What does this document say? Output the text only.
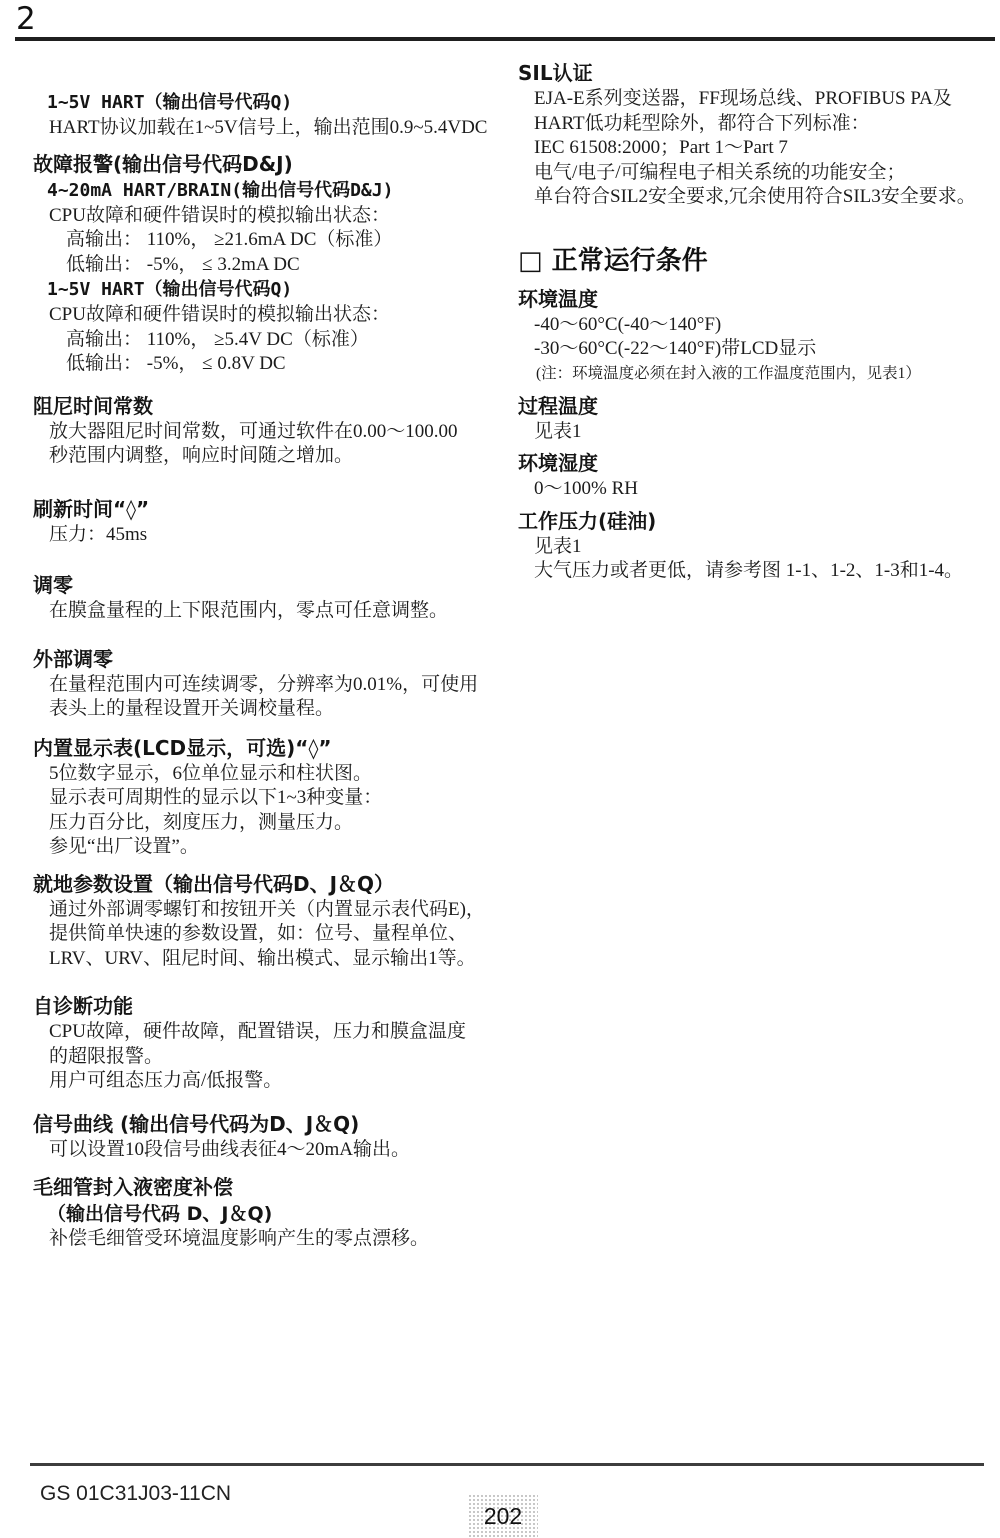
2
1~5V HART（输出信号代码Q)
HART协议加载在1~5V信号上，输出范围0.9~5.4VDC
故障报警(输出信号代码D&J)
4~20mA HART/BRAIN(输出信号代码D&J)
CPU故障和硬件错误时的模拟输出状态：
高输出： 110%， ≥21.6mA DC（标准）
低输出： -5%， ≤ 3.2mA DC
1~5V HART（输出信号代码Q)
CPU故障和硬件错误时的模拟输出状态：
高输出： 110%， ≥5.4V DC（标准）
低输出： -5%， ≤ 0.8V DC
阻尼时间常数
放大器阻尼时间常数，可通过软件在0.00～100.00
秒范围内调整，响应时间随之增加。
刷新时间“◊”
压力：45ms
调零
在膜盒量程的上下限范围内，零点可任意调整。
外部调零
在量程范围内可连续调零，分辨率为0.01%，可使用
表头上的量程设置开关调校量程。
内置显示表(LCD显示，可选)“◊”
5位数字显示，6位单位显示和柱状图。
显示表可周期性的显示以下1~3种变量：
压力百分比，刻度压力，测量压力。
参见“出厂设置”。
就地参数设置（输出信号代码D、J＆Q）
通过外部调零螺钉和按钮开关（内置显示表代码E)，
提供简单快速的参数设置，如：位号、量程单位、
LRV、URV、阻尼时间、输出模式、显示输出1等。
自诊断功能
CPU故障，硬件故障，配置错误，压力和膜盒温度
的超限报警。
用户可组态压力高/低报警。
信号曲线 (输出信号代码为D、J＆Q)
可以设置10段信号曲线表征4～20mA输出。
毛细管封入液密度补偿
（输出信号代码 D、J＆Q)
补偿毛细管受环境温度影响产生的零点漂移。
SIL认证
EJA-E系列变送器，FF现场总线、PROFIBUS PA及
HART低功耗型除外，都符合下列标准：
IEC 61508:2000；Part 1～Part 7
电气/电子/可编程电子相关系统的功能安全；
单台符合SIL2安全要求,冗余使用符合SIL3安全要求。
□ 正常运行条件
环境温度
-40～60°C(-40～140°F)
-30～60°C(-22～140°F)带LCD显示
(注：环境温度必须在封入液的工作温度范围内，见表1）
过程温度
见表1
环境湿度
0～100% RH
工作压力(硅油)
见表1
大气压力或者更低，请参考图 1-1、1-2、1-3和1-4。
GS 01C31J03-11CN
202
